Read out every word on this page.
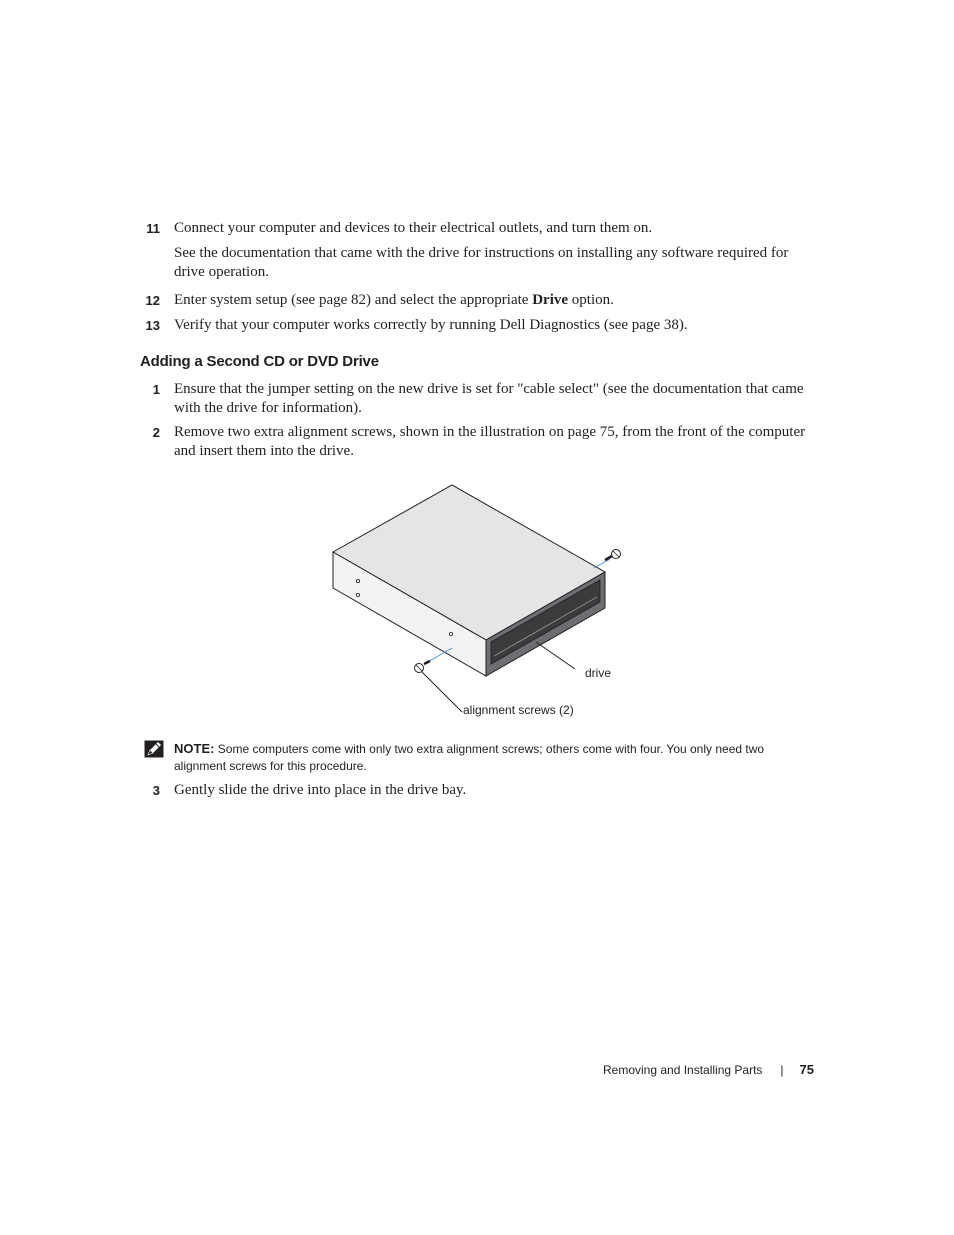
11 Connect your computer and devices to their electrical outlets, and turn them on.
See the documentation that came with the drive for instructions on installing any software required for drive operation.
12 Enter system setup (see page 82) and select the appropriate Drive option.
13 Verify that your computer works correctly by running Dell Diagnostics (see page 38).
Adding a Second CD or DVD Drive
1 Ensure that the jumper setting on the new drive is set for "cable select" (see the documentation that came with the drive for information).
2 Remove two extra alignment screws, shown in the illustration on page 75, from the front of the computer and insert them into the drive.
drive
alignment screws (2)
NOTE: Some computers come with only two extra alignment screws; others come with four. You only need two alignment screws for this procedure.
3 Gently slide the drive into place in the drive bay.
Removing and Installing Parts | 75
